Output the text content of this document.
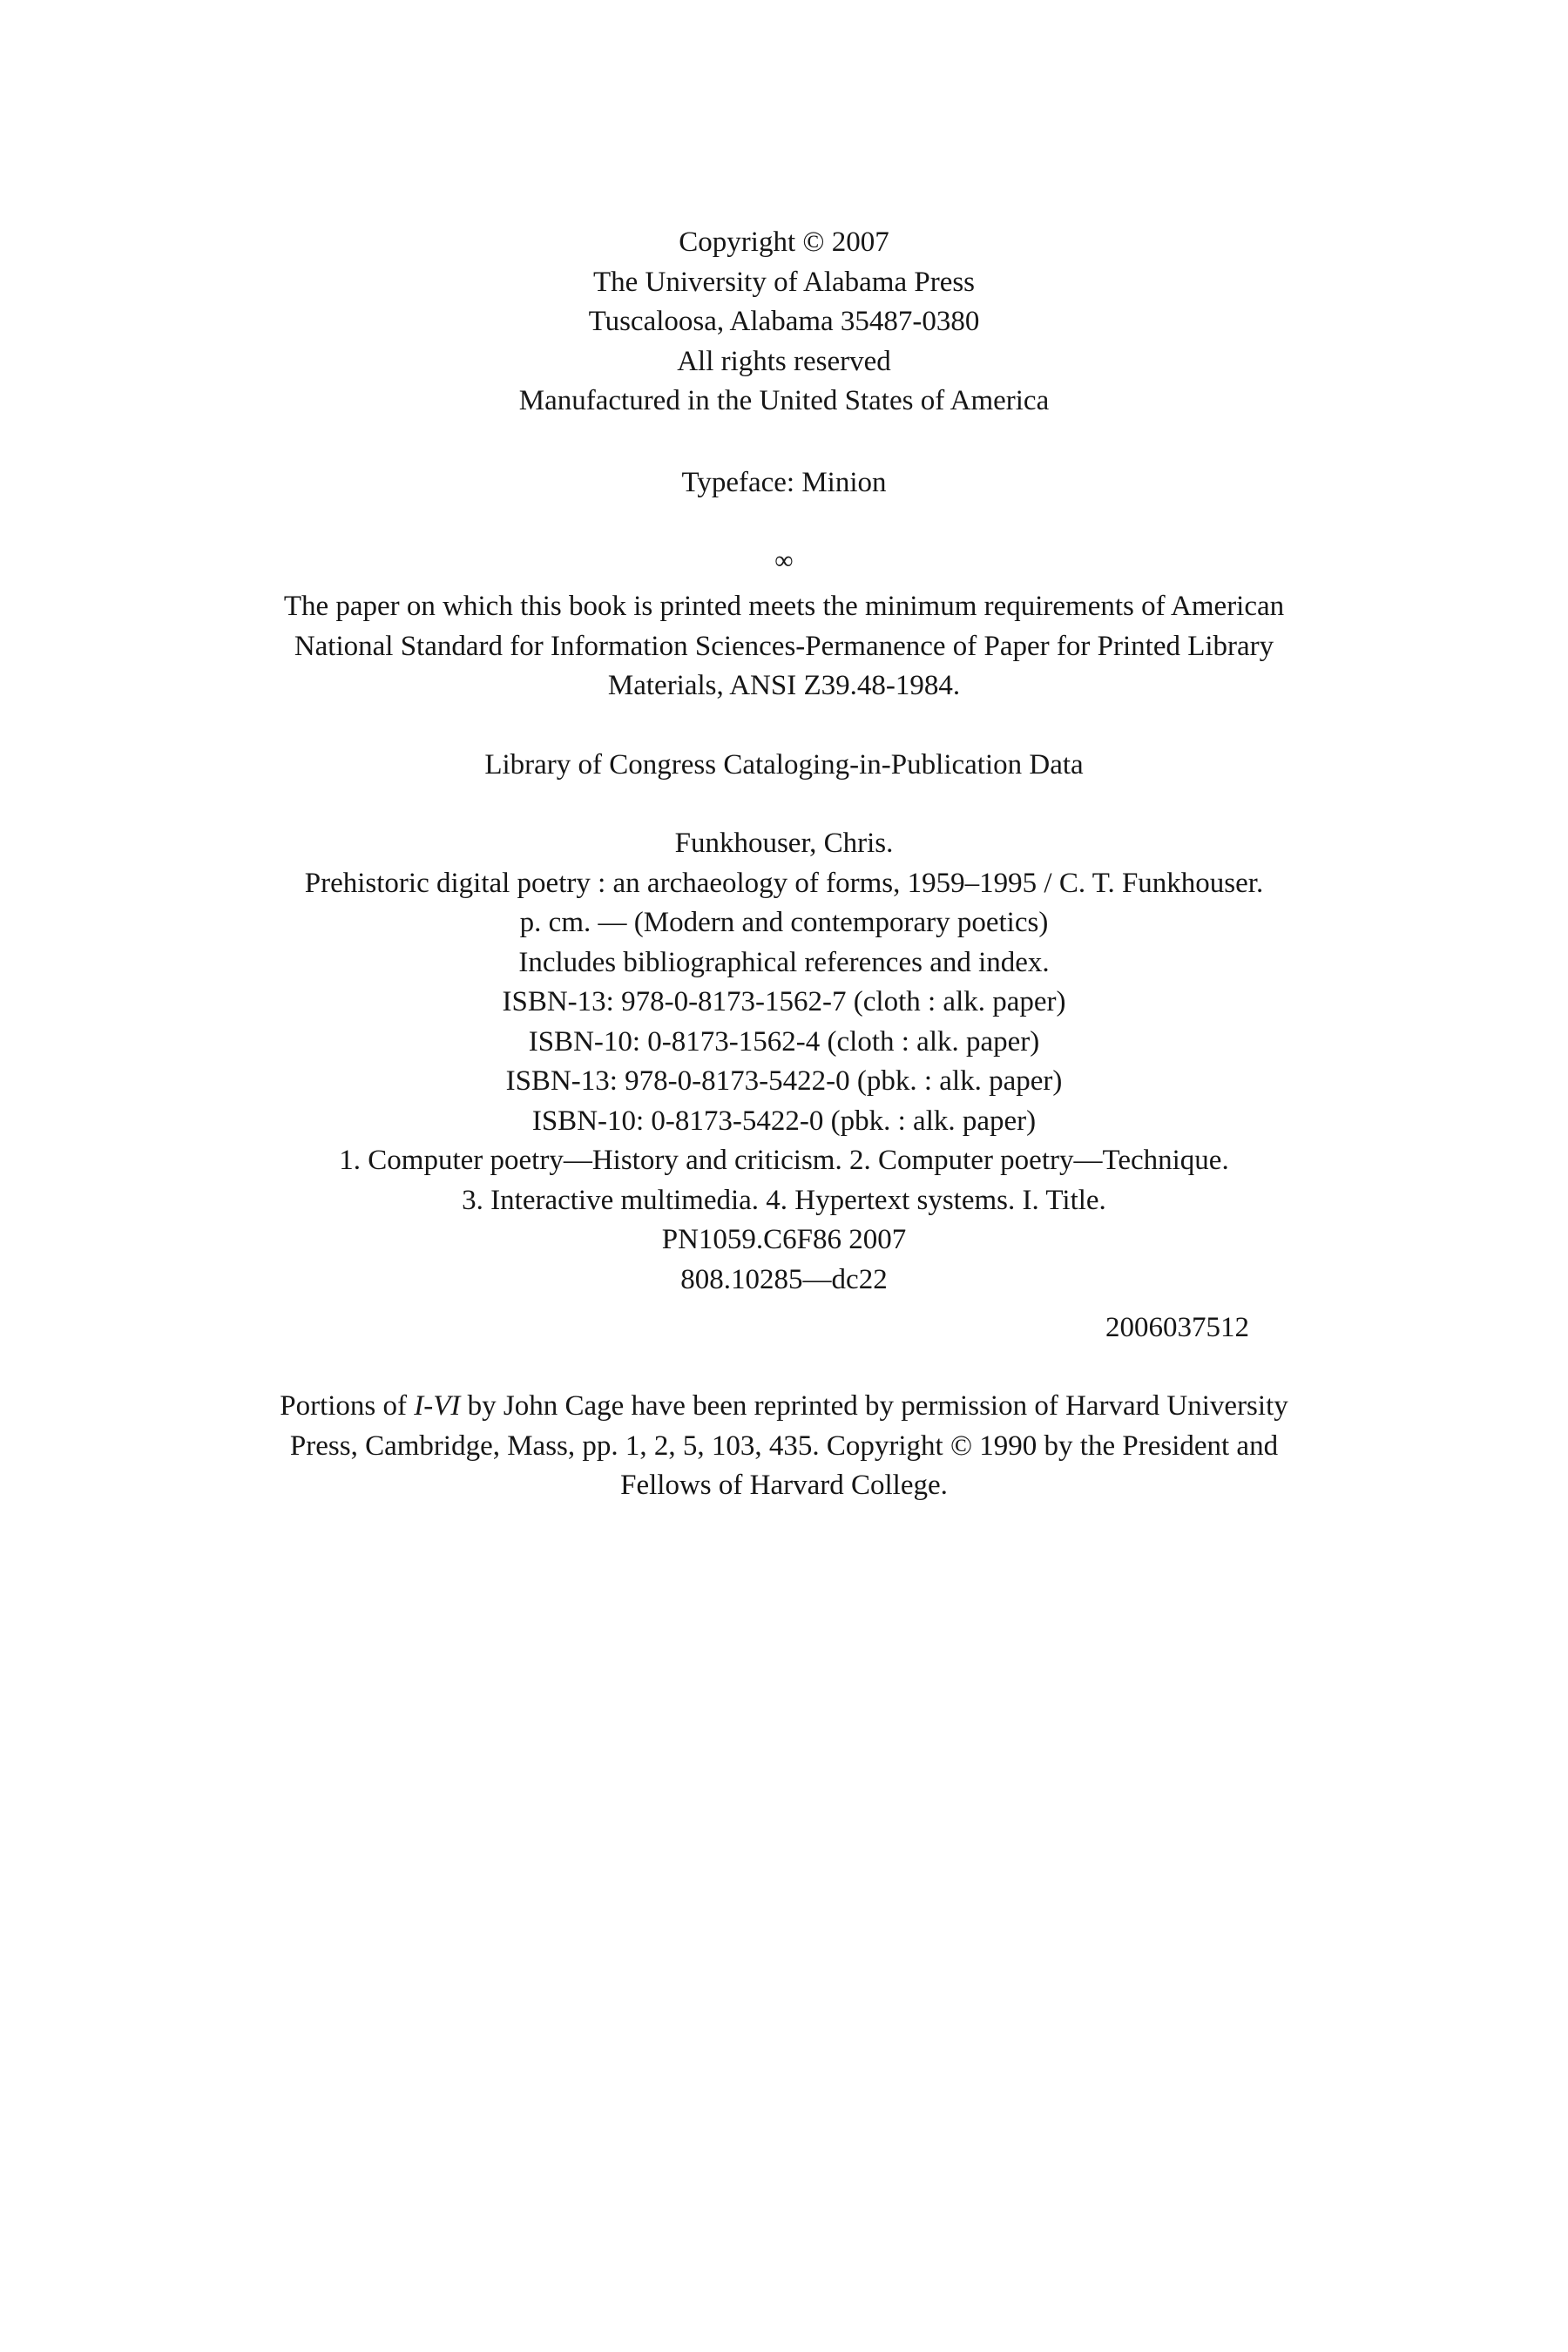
Copyright © 2007
The University of Alabama Press
Tuscaloosa, Alabama 35487-0380
All rights reserved
Manufactured in the United States of America
Typeface: Minion
∞
The paper on which this book is printed meets the minimum requirements of American
National Standard for Information Sciences-Permanence of Paper for Printed Library
Materials, ANSI Z39.48-1984.
Library of Congress Cataloging-in-Publication Data
Funkhouser, Chris.
Prehistoric digital poetry : an archaeology of forms, 1959–1995 / C. T. Funkhouser.
p. cm. — (Modern and contemporary poetics)
Includes bibliographical references and index.
ISBN-13: 978-0-8173-1562-7 (cloth : alk. paper)
ISBN-10: 0-8173-1562-4 (cloth : alk. paper)
ISBN-13: 978-0-8173-5422-0 (pbk. : alk. paper)
ISBN-10: 0-8173-5422-0 (pbk. : alk. paper)
1. Computer poetry—History and criticism. 2. Computer poetry—Technique.
3. Interactive multimedia. 4. Hypertext systems. I. Title.
PN1059.C6F86 2007
808.10285—dc22
2006037512
Portions of I-VI by John Cage have been reprinted by permission of Harvard University
Press, Cambridge, Mass, pp. 1, 2, 5, 103, 435. Copyright © 1990 by the President and
Fellows of Harvard College.
